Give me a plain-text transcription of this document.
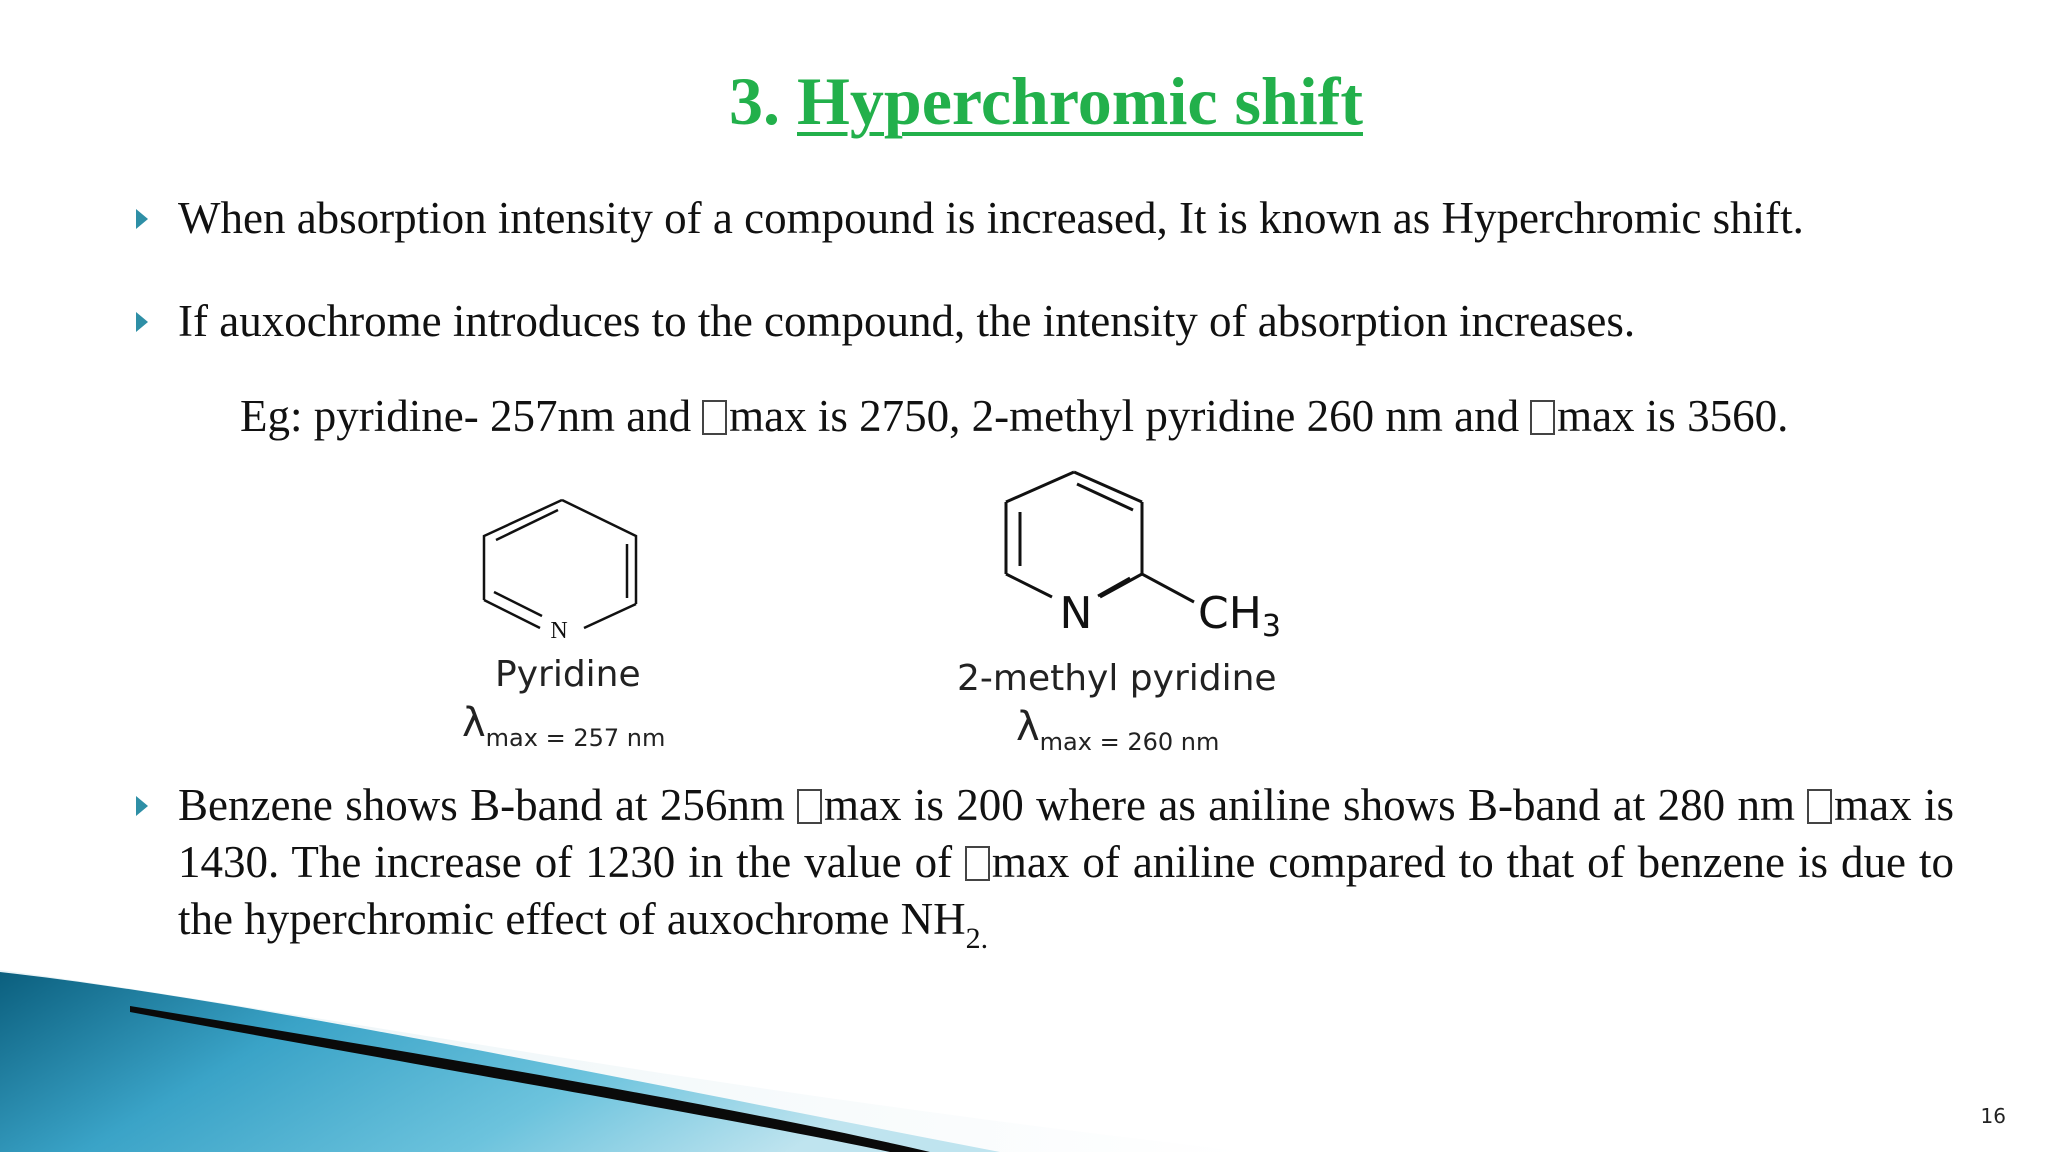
3. Hyperchromic shift
When absorption intensity of a compound is increased, It is known as Hyperchromic shift.
If auxochrome introduces to the compound, the intensity of absorption increases.
Eg: pyridine- 257nm and max is 2750, 2-methyl pyridine 260 nm and max is 3560.
N
Pyridine
$\lambda_{max = 257 nm}$
N CH3
2-methyl pyridine
$\lambda_{max = 260 nm}$
Benzene shows B-band at 256nm max is 200 where as aniline shows B-band at 280 nm max is 1430. The increase of 1230 in the value of max of aniline compared to that of benzene is due to the hyperchromic effect of auxochrome $NH_{2.}$
16
